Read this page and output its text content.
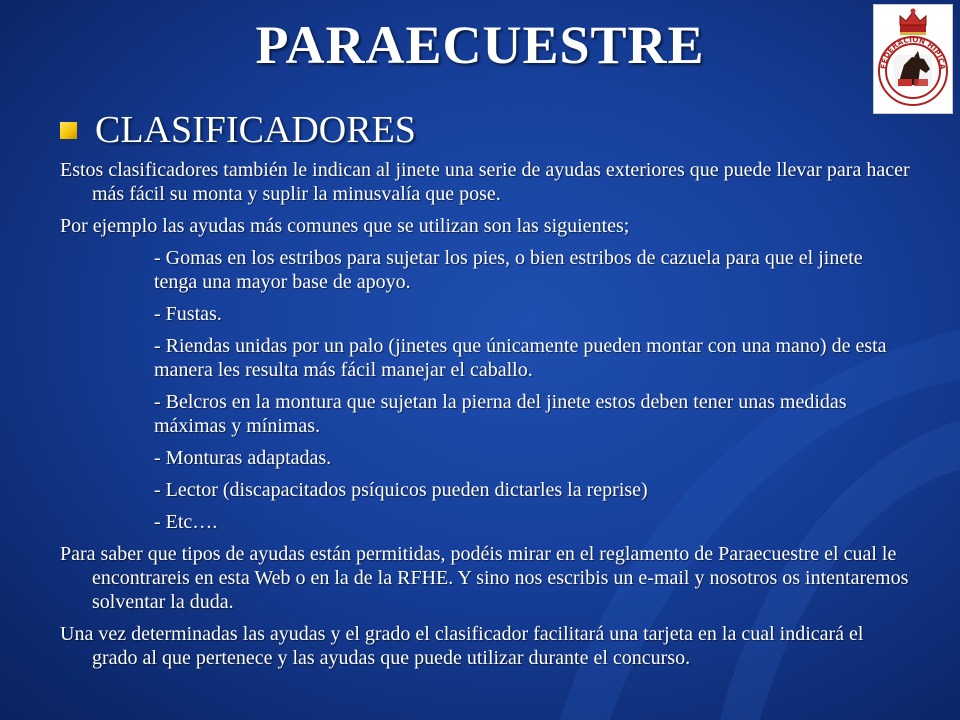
PARAECUESTRE	FEDERACION HIPICA
CLASIFICADORES

Estos clasificadores también le indican al jinete una serie de ayudas exteriores que puede llevar para hacer más fácil su monta y suplir la minusvalía que pose.

Por ejemplo las ayudas más comunes que se utilizan son las siguientes;

- Gomas en los estribos para sujetar los pies, o bien estribos de cazuela para que el jinete tenga una mayor base de apoyo.

- Fustas.

- Riendas unidas por un palo (jinetes que únicamente pueden montar con una mano) de esta manera les resulta más fácil manejar el caballo.

- Belcros en la montura que sujetan la pierna del jinete estos deben tener unas medidas máximas y mínimas.

- Monturas adaptadas.

- Lector (discapacitados psíquicos pueden dictarles la reprise)

- Etc….

Para saber que tipos de ayudas están permitidas, podéis mirar en el reglamento de Paraecuestre el cual le encontrareis en esta Web o en la de la RFHE. Y sino nos escribis un e-mail y nosotros os intentaremos solventar la duda.

Una vez determinadas las ayudas y el grado el clasificador facilitará una tarjeta en la cual indicará el grado al que pertenece y las ayudas que puede utilizar durante el concurso.
